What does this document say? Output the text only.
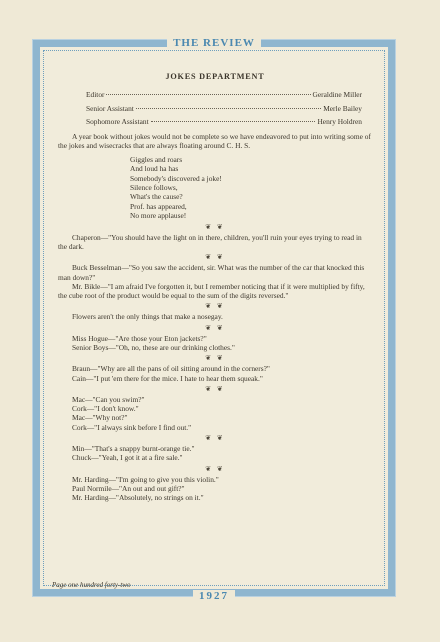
THE REVIEW
1927
Page one hundred forty-two
JOKES DEPARTMENT
Editor	Geraldine Miller
Senior Assistant	Merle Bailey
Sophomore Assistant	Henry Holdren

A year book without jokes would not be complete so we have endeavored to put into writing some of the jokes and wisecracks that are always floating around C. H. S.

Giggles and roars
And loud ha has
Somebody's discovered a joke!
Silence follows,
What's the cause?
Prof. has appeared,
No more applause!
❦ ❦

Chaperon—"You should have the light on in there, children, you'll ruin your eyes trying to read in the dark.

❦ ❦

Buck Besselman—"So you saw the accident, sir. What was the number of the car that knocked this man down?"

Mr. Bikle—"I am afraid I've forgotten it, but I remember noticing that if it were multiplied by fifty, the cube root of the product would be equal to the sum of the digits reversed."

❦ ❦

Flowers aren't the only things that make a nosegay.

❦ ❦

Miss Hogue—"Are those your Eton jackets?"

Senior Boys—"Oh, no, these are our drinking clothes."

❦ ❦

Braun—"Why are all the pans of oil sitting around in the corners?"

Cain—"I put 'em there for the mice. I hate to hear them squeak."

❦ ❦

Mac—"Can you swim?"

Cork—"I don't know."

Mac—"Why not?"

Cork—"I always sink before I find out."

❦ ❦

Min—"That's a snappy burnt-orange tie."

Chuck—"Yeah, I got it at a fire sale."

❦ ❦

Mr. Harding—"I'm going to give you this violin."

Paul Normile—"An out and out gift?"

Mr. Harding—"Absolutely, no strings on it."
